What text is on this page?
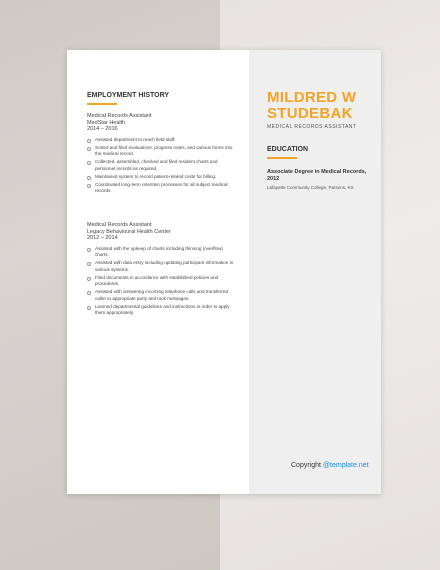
MILDRED W STUDEBAK
MEDICAL RECORDS ASSISTANT
EDUCATION
Associate Degree in Medical Records, 2012
Lafayette Community College, Parsons, KS
EMPLOYMENT HISTORY
Medical Records Assistant
MedStar Health
2014 – 2016
Assisted department to reach field staff.
Sorted and filed evaluations, progress notes, and various forms into the medical record.
Collected, assembled, checked and filed resident charts and personnel records as required.
Maintained system to record patient-related costs for billing.
Coordinated long-term retention processes for all subject medical records.
Medical Records Assistant
Legacy Behavioural Health Center
2012 – 2014
Assisted with the upkeep of charts including thinning (overflow) charts.
Assisted with data entry including updating participant information in various systems.
Filed documents in accordance with established policies and procedures.
Assisted with answering incoming telephone calls and transferred caller to appropriate party and took messages.
Learned departmental guidelines and instructions in order to apply them appropriately.
Copyright @template.net
